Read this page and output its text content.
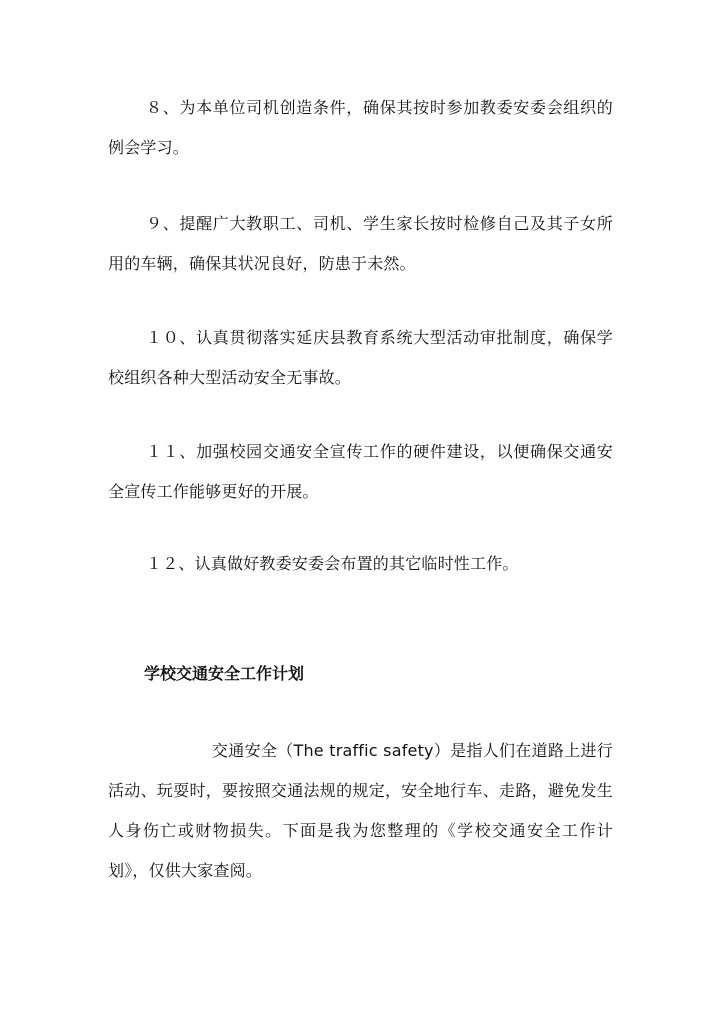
８、为本单位司机创造条件，确保其按时参加教委安委会组织的例会学习。

９、提醒广大教职工、司机、学生家长按时检修自己及其子女所用的车辆，确保其状况良好，防患于未然。

１０、认真贯彻落实延庆县教育系统大型活动审批制度，确保学校组织各种大型活动安全无事故。

１１、加强校园交通安全宣传工作的硬件建设，以便确保交通安全宣传工作能够更好的开展。

１２、认真做好教委安委会布置的其它临时性工作。

学校交通安全工作计划

交通安全（The traffic safety）是指人们在道路上进行活动、玩耍时，要按照交通法规的规定，安全地行车、走路，避免发生人身伤亡或财物损失。下面是我为您整理的《学校交通安全工作计划》，仅供大家查阅。
